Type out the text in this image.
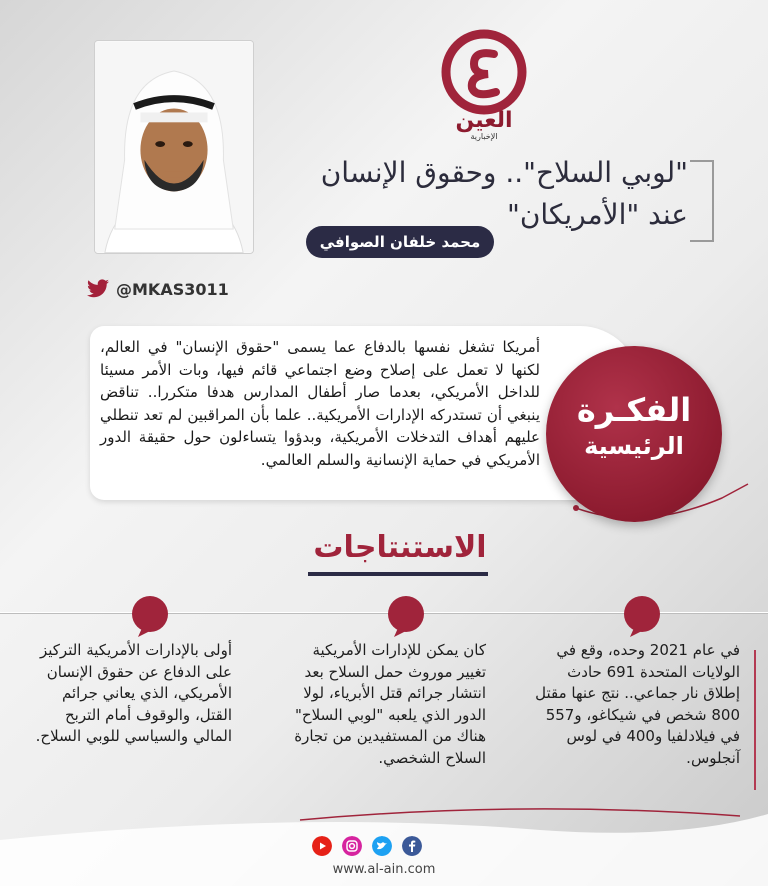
@MKAS3011
العين
الإخبارية
"لوبي السلاح".. وحقوق الإنسان
عند "الأمريكان"
محمد خلفان الصوافي
أمريكا تشغل نفسها بالدفاع عما يسمى "حقوق الإنسان" في العالم، لكنها لا تعمل على إصلاح وضع اجتماعي قائم فيها، وبات الأمر مسيئا للداخل الأمريكي، بعدما صار أطفال المدارس هدفا متكررا.. تناقض ينبغي أن تستدركه الإدارات الأمريكية.. علما بأن المراقبين لم تعد تنطلي عليهم أهداف التدخلات الأمريكية، وبدؤوا يتساءلون حول حقيقة الدور الأمريكي في حماية الإنسانية والسلم العالمي.
الفكـرة
الرئيسية
الاستنتاجات
في عام 2021 وحده، وقع في الولايات المتحدة 691 حادث إطلاق نار جماعي.. نتج عنها مقتل 800 شخص في شيكاغو، و557 في فيلادلفيا و400 في لوس آنجلوس.
كان يمكن للإدارات الأمريكية تغيير موروث حمل السلاح بعد انتشار جرائم قتل الأبرياء، لولا الدور الذي يلعبه "لوبي السلاح" هناك من المستفيدين من تجارة السلاح الشخصي.
أولى بالإدارات الأمريكية التركيز على الدفاع عن حقوق الإنسان الأمريكي، الذي يعاني جرائم القتل، والوقوف أمام التربح المالي والسياسي للوبي السلاح.
www.al-ain.com
